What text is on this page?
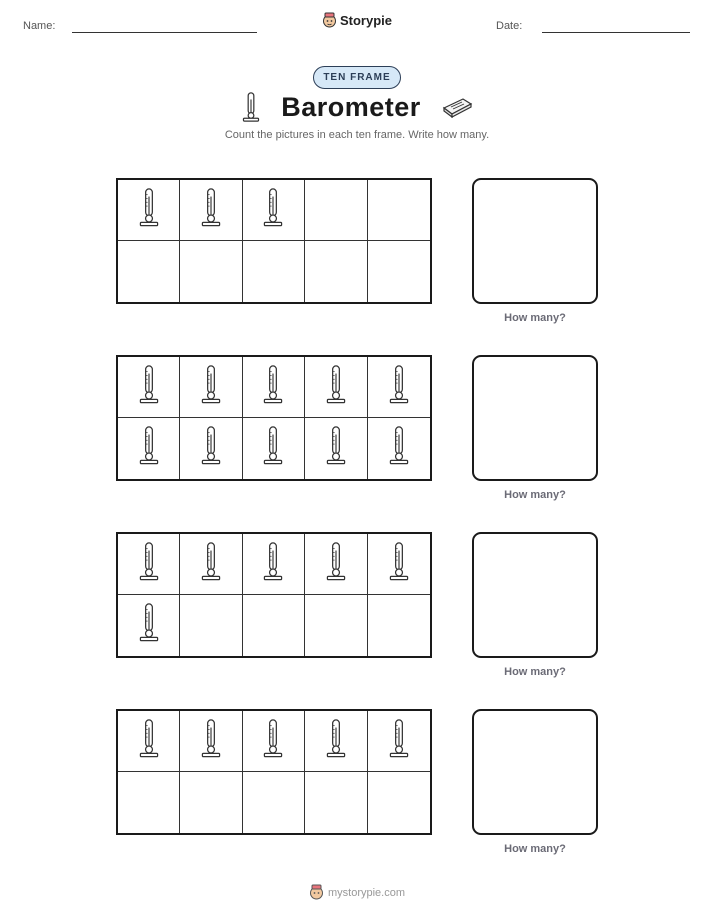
Name:	Storypie	Date:
TEN FRAME
Barometer
Count the pictures in each ten frame. Write how many.
How many?
How many?
How many?
How many?
mystorypie.com
